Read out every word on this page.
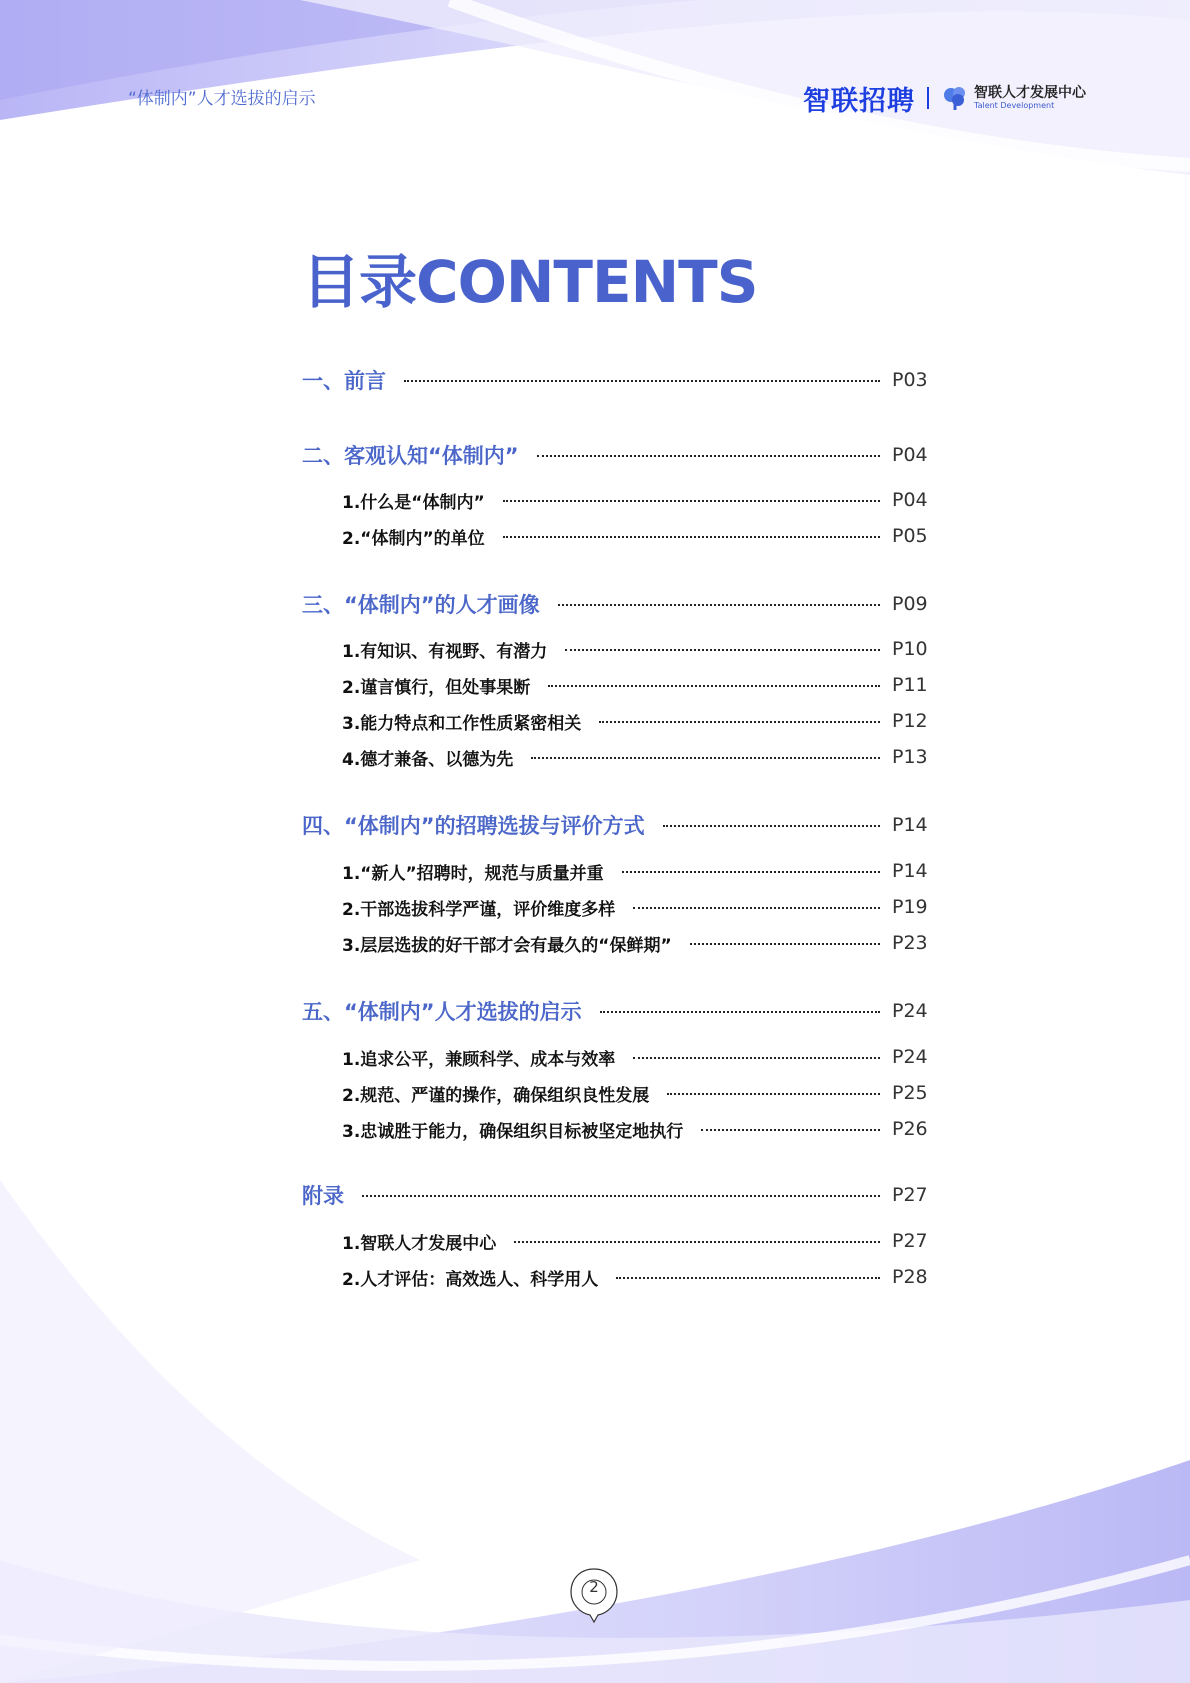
“体制内”人才选拔的启示	智联招聘	智联人才发展中心
Talent Development
目录CONTENTS
一、前言	P03
二、客观认知“体制内”	P04
1.什么是“体制内”	P04
2.“体制内”的单位	P05
三、“体制内”的人才画像	P09
1.有知识、有视野、有潜力	P10
2.谨言慎行，但处事果断	P11
3.能力特点和工作性质紧密相关	P12
4.德才兼备、以德为先	P13
四、“体制内”的招聘选拔与评价方式	P14
1.“新人”招聘时，规范与质量并重	P14
2.干部选拔科学严谨，评价维度多样	P19
3.层层选拔的好干部才会有最久的“保鲜期”	P23
五、“体制内”人才选拔的启示	P24
1.追求公平，兼顾科学、成本与效率	P24
2.规范、严谨的操作，确保组织良性发展	P25
3.忠诚胜于能力，确保组织目标被坚定地执行	P26
附录	P27
1.智联人才发展中心	P27
2.人才评估：高效选人、科学用人	P28
2
